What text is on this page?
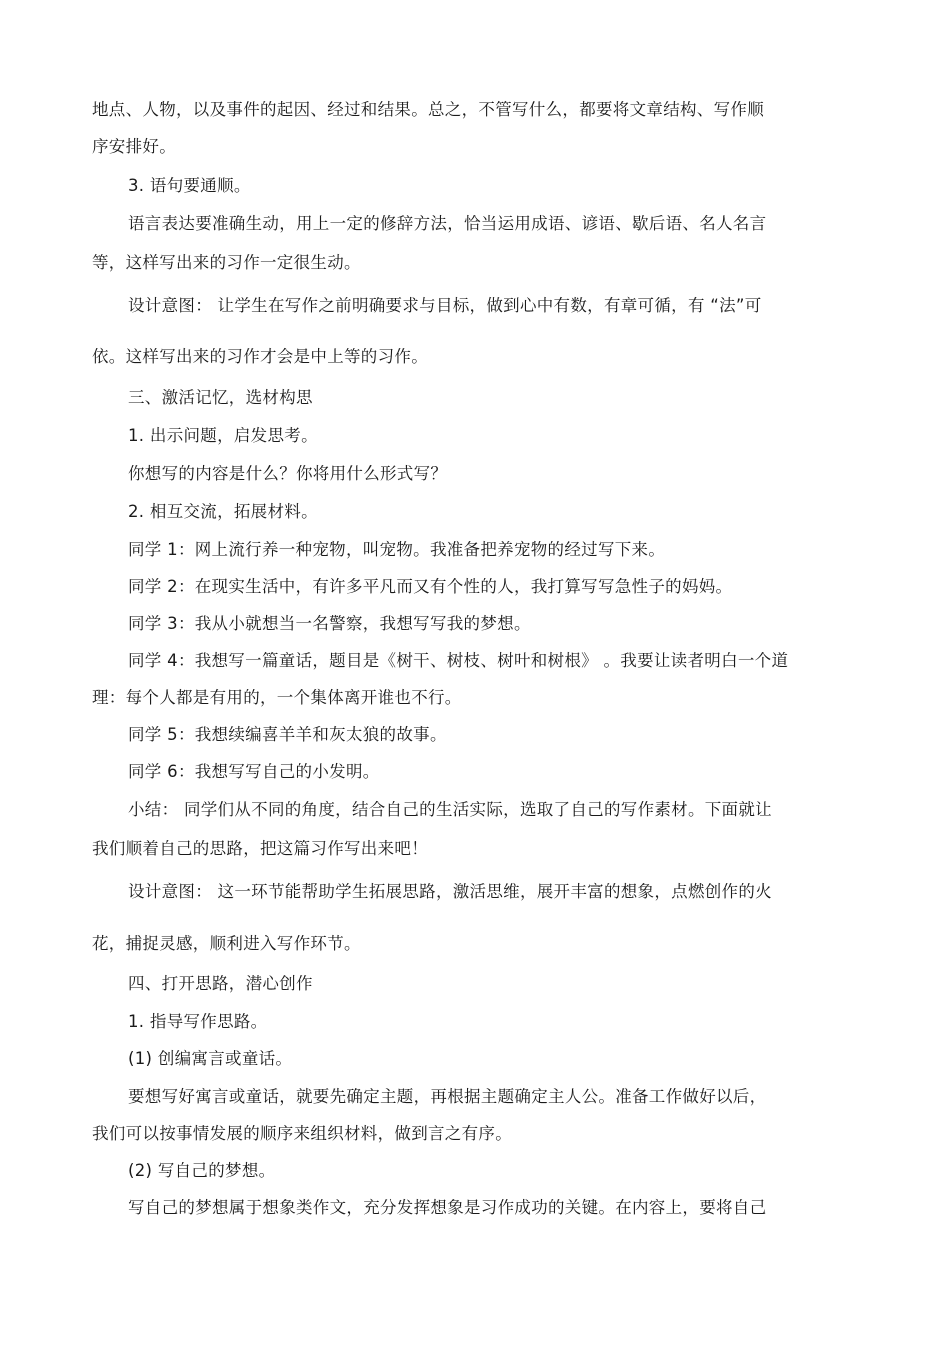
地点、人物，以及事件的起因、经过和结果。总之，不管写什么，都要将文章结构、写作顺
序安排好。
3. 语句要通顺。
语言表达要准确生动，用上一定的修辞方法，恰当运用成语、谚语、歇后语、名人名言
等，这样写出来的习作一定很生动。
设计意图： 让学生在写作之前明确要求与目标，做到心中有数，有章可循，有 “法”可
依。这样写出来的习作才会是中上等的习作。
三、激活记忆，选材构思
1. 出示问题，启发思考。
你想写的内容是什么？你将用什么形式写？
2. 相互交流，拓展材料。
同学 1：网上流行养一种宠物，叫宠物。我准备把养宠物的经过写下来。
同学 2：在现实生活中，有许多平凡而又有个性的人，我打算写写急性子的妈妈。
同学 3：我从小就想当一名警察，我想写写我的梦想。
同学 4：我想写一篇童话，题目是《树干、树枝、树叶和树根》 。我要让读者明白一个道
理：每个人都是有用的，一个集体离开谁也不行。
同学 5：我想续编喜羊羊和灰太狼的故事。
同学 6：我想写写自己的小发明。
小结： 同学们从不同的角度，结合自己的生活实际，选取了自己的写作素材。下面就让
我们顺着自己的思路，把这篇习作写出来吧！
设计意图： 这一环节能帮助学生拓展思路，激活思维，展开丰富的想象，点燃创作的火
花，捕捉灵感，顺利进入写作环节。
四、打开思路，潜心创作
1. 指导写作思路。
(1) 创编寓言或童话。
要想写好寓言或童话，就要先确定主题，再根据主题确定主人公。准备工作做好以后，
我们可以按事情发展的顺序来组织材料，做到言之有序。
(2) 写自己的梦想。
写自己的梦想属于想象类作文，充分发挥想象是习作成功的关键。在内容上，要将自己
